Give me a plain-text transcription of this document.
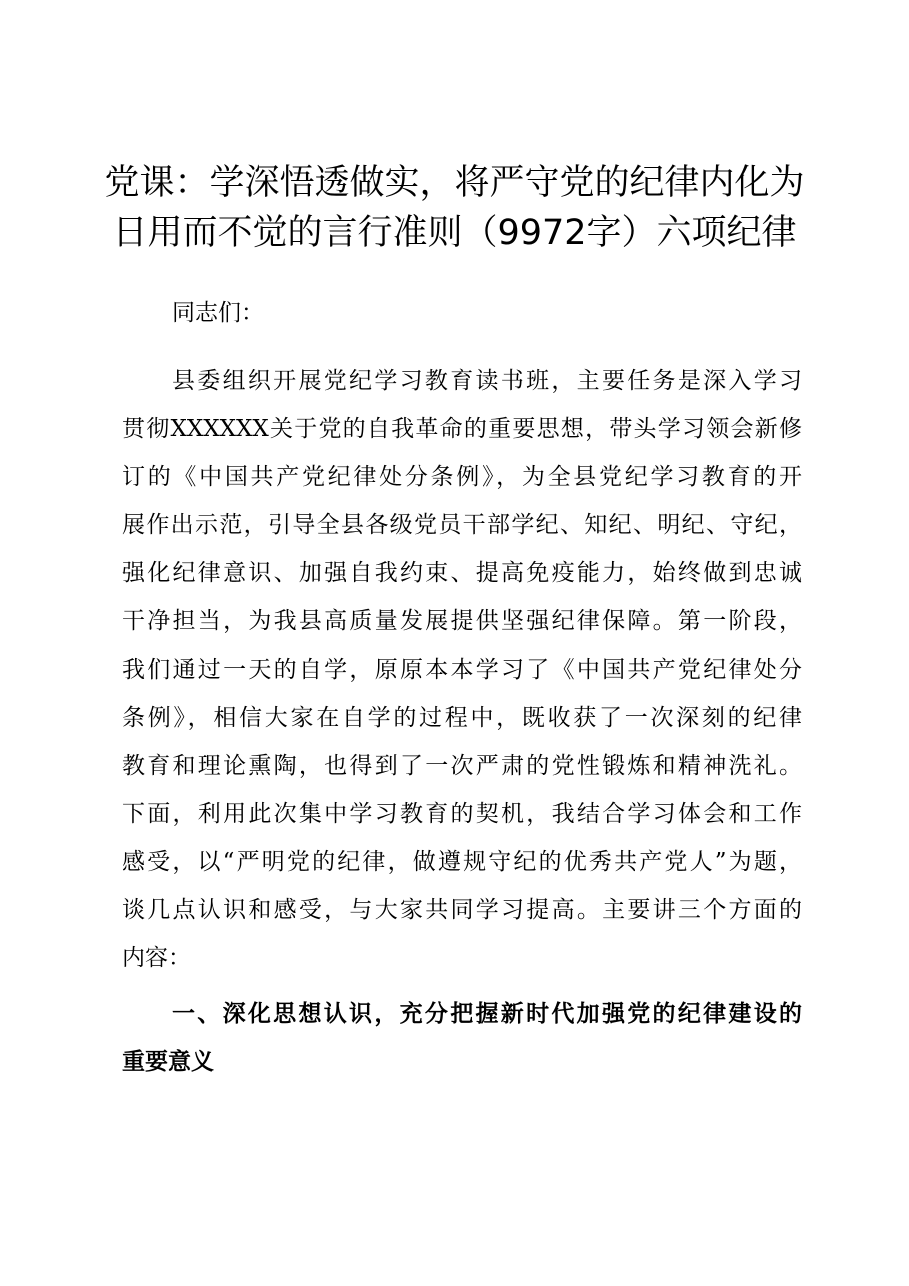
党课：学深悟透做实，将严守党的纪律内化为
日用而不觉的言行准则（9972字）六项纪律
同志们：
县委组织开展党纪学习教育读书班，主要任务是深入学习
贯彻XXXXXX关于党的自我革命的重要思想，带头学习领会新修
订的《中国共产党纪律处分条例》，为全县党纪学习教育的开
展作出示范，引导全县各级党员干部学纪、知纪、明纪、守纪，
强化纪律意识、加强自我约束、提高免疫能力，始终做到忠诚
干净担当，为我县高质量发展提供坚强纪律保障。第一阶段，
我们通过一天的自学，原原本本学习了《中国共产党纪律处分
条例》，相信大家在自学的过程中，既收获了一次深刻的纪律
教育和理论熏陶，也得到了一次严肃的党性锻炼和精神洗礼。
下面，利用此次集中学习教育的契机，我结合学习体会和工作
感受，以“严明党的纪律，做遵规守纪的优秀共产党人”为题，
谈几点认识和感受，与大家共同学习提高。主要讲三个方面的
内容：
一、深化思想认识，充分把握新时代加强党的纪律建设的
重要意义
